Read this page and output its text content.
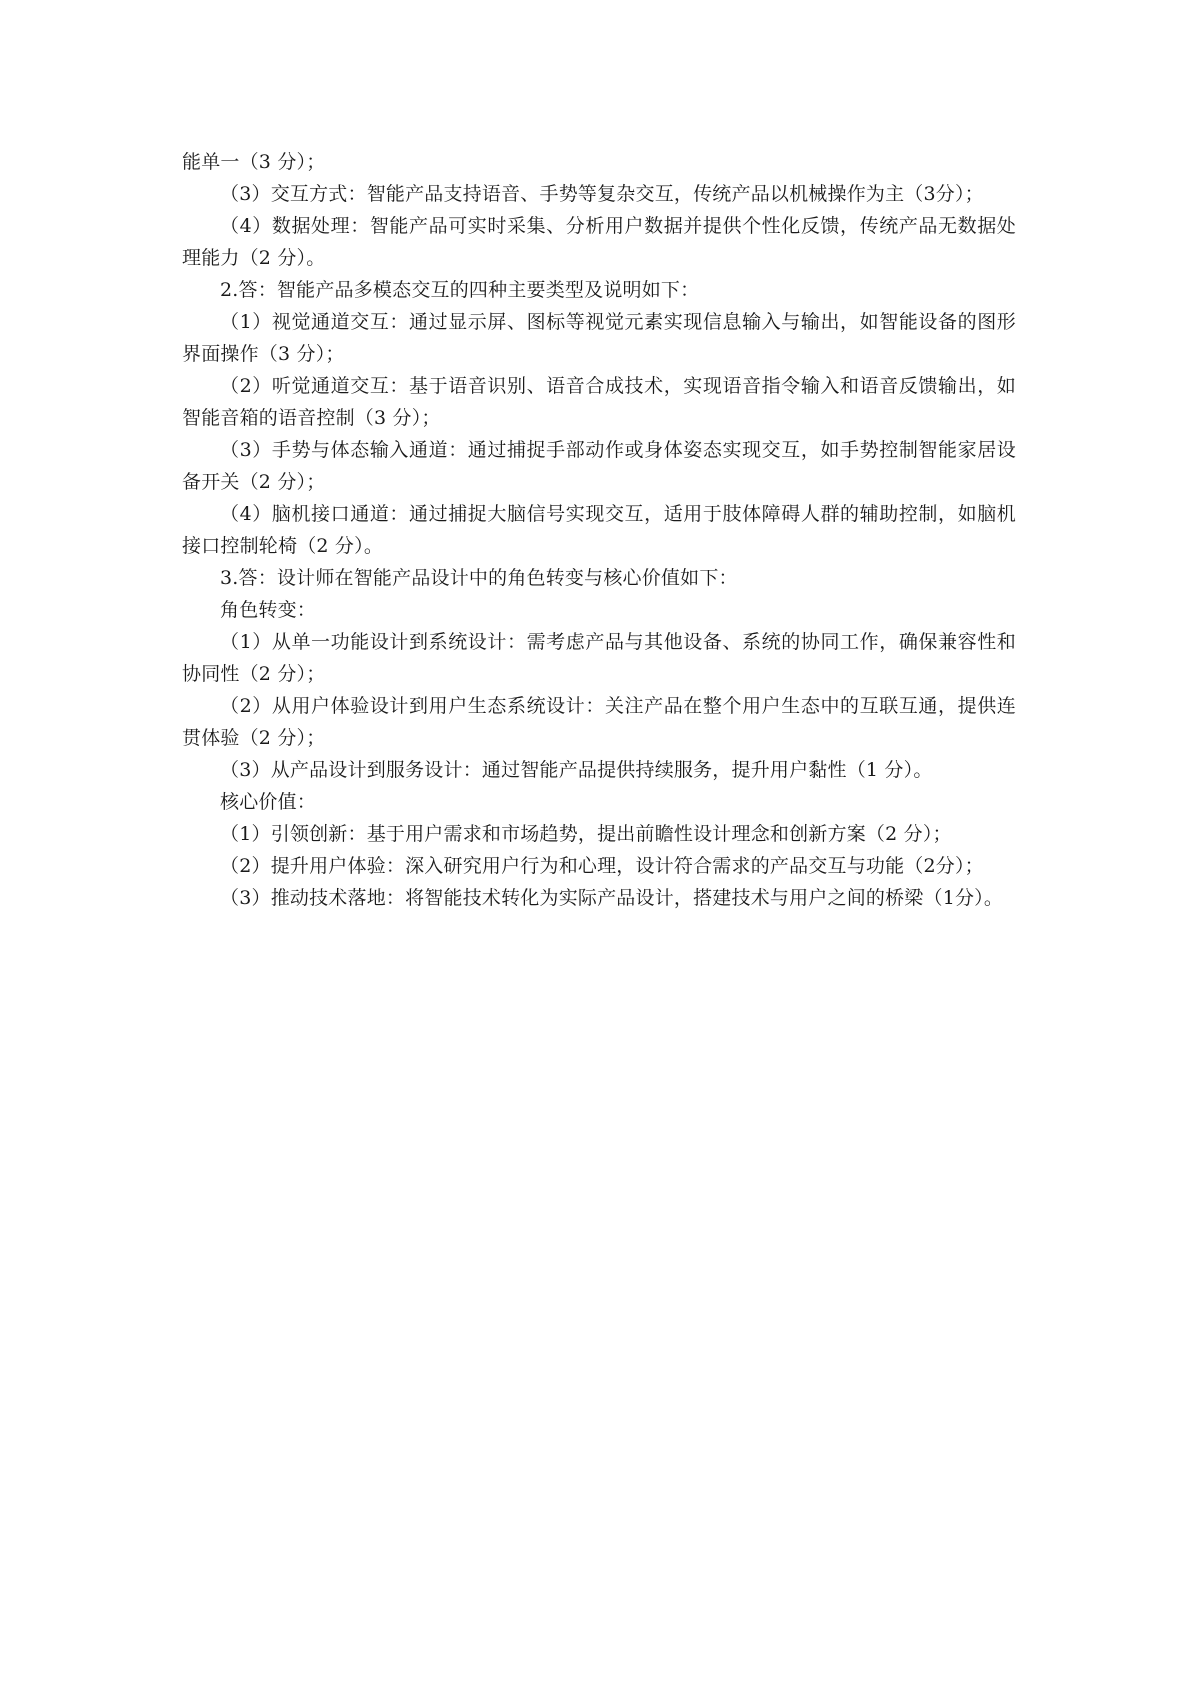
能单一（3 分）；

（3）交互方式：智能产品支持语音、手势等复杂交互，传统产品以机械操作为主（3分）；

（4）数据处理：智能产品可实时采集、分析用户数据并提供个性化反馈，传统产品无数据处理能力（2 分）。

2.答：智能产品多模态交互的四种主要类型及说明如下：

（1）视觉通道交互：通过显示屏、图标等视觉元素实现信息输入与输出，如智能设备的图形界面操作（3 分）；

（2）听觉通道交互：基于语音识别、语音合成技术，实现语音指令输入和语音反馈输出，如智能音箱的语音控制（3 分）；

（3）手势与体态输入通道：通过捕捉手部动作或身体姿态实现交互，如手势控制智能家居设备开关（2 分）；

（4）脑机接口通道：通过捕捉大脑信号实现交互，适用于肢体障碍人群的辅助控制，如脑机接口控制轮椅（2 分）。

3.答：设计师在智能产品设计中的角色转变与核心价值如下：

角色转变：

（1）从单一功能设计到系统设计：需考虑产品与其他设备、系统的协同工作，确保兼容性和协同性（2 分）；

（2）从用户体验设计到用户生态系统设计：关注产品在整个用户生态中的互联互通，提供连贯体验（2 分）；

（3）从产品设计到服务设计：通过智能产品提供持续服务，提升用户黏性（1 分）。

核心价值：

（1）引领创新：基于用户需求和市场趋势，提出前瞻性设计理念和创新方案（2 分）；

（2）提升用户体验：深入研究用户行为和心理，设计符合需求的产品交互与功能（2分）；

（3）推动技术落地：将智能技术转化为实际产品设计，搭建技术与用户之间的桥梁（1分）。
